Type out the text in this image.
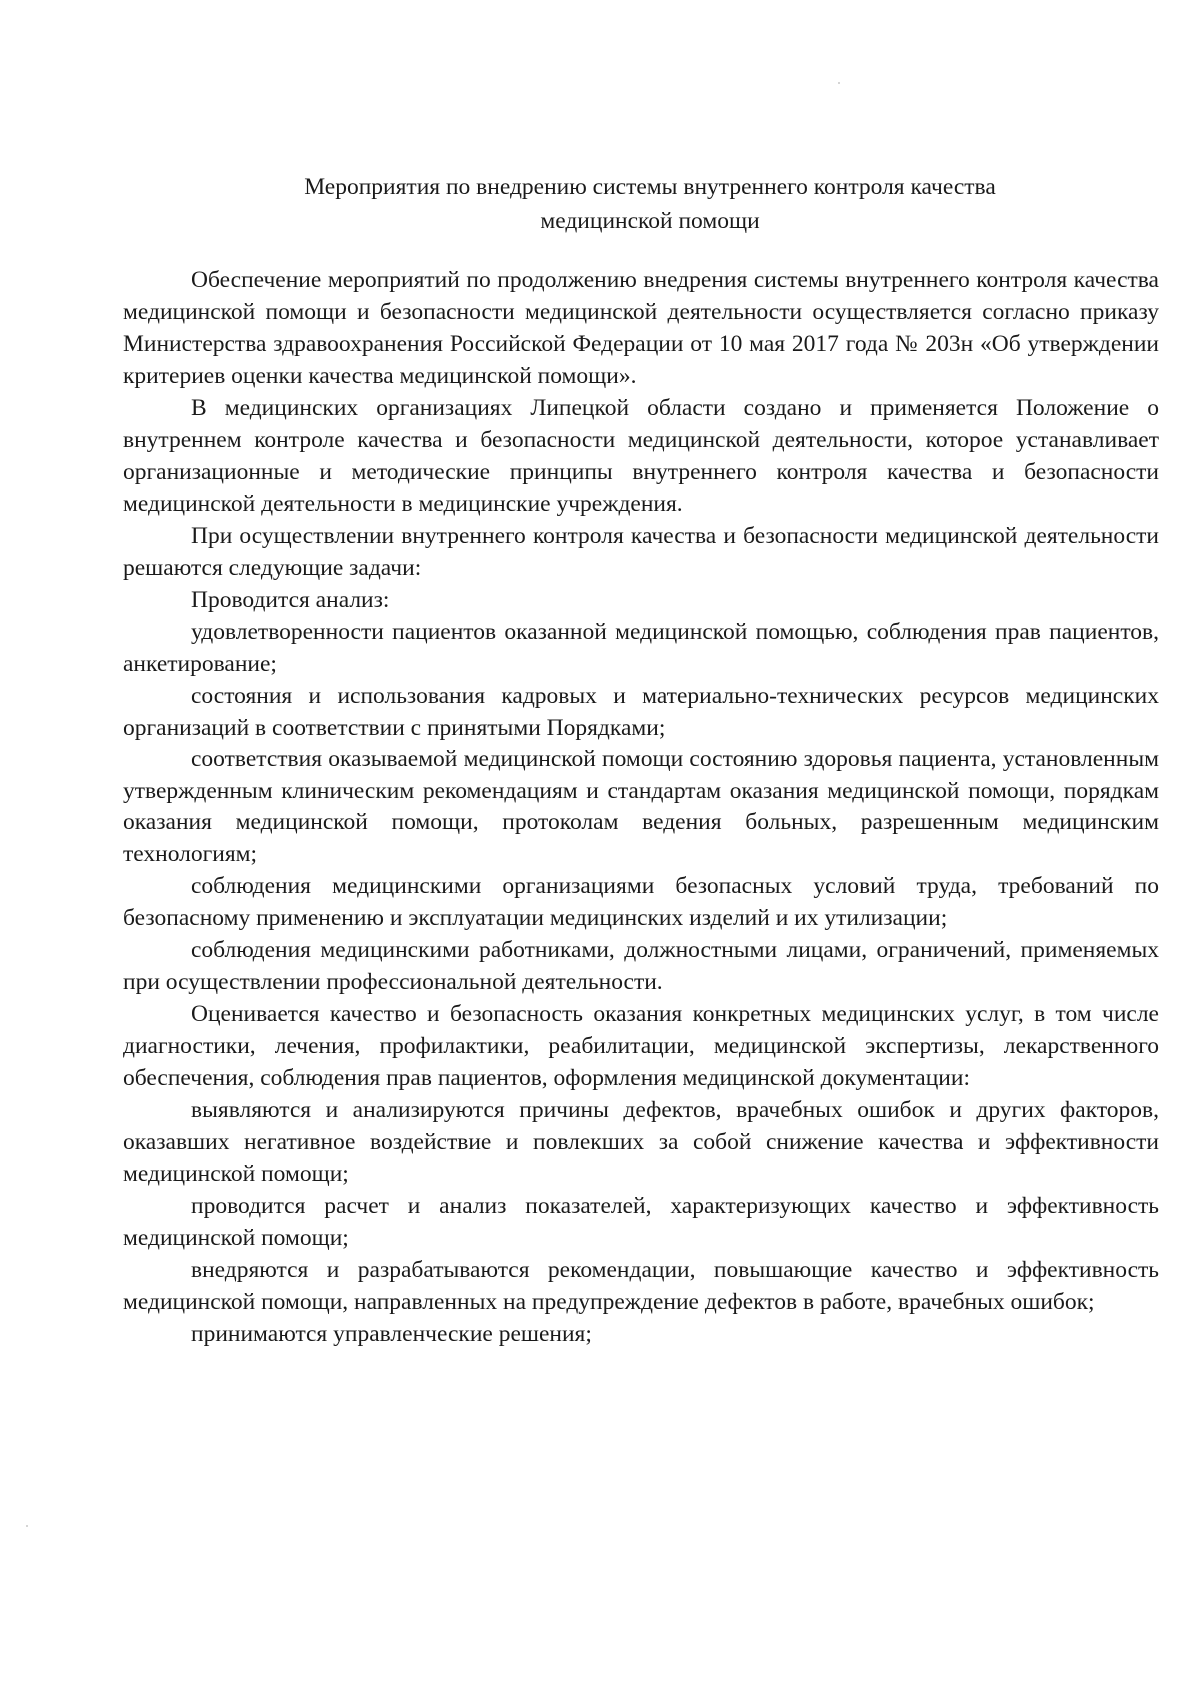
Мероприятия по внедрению системы внутреннего контроля качества
медицинской помощи

Обеспечение мероприятий по продолжению внедрения системы внутреннего контроля качества медицинской помощи и безопасности медицинской деятельности осуществляется согласно приказу Министерства здравоохранения Российской Федерации от 10 мая 2017 года № 203н «Об утверждении критериев оценки качества медицинской помощи».

В медицинских организациях Липецкой области создано и применяется Положение о внутреннем контроле качества и безопасности медицинской деятельности, которое устанавливает организационные и методические принципы внутреннего контроля качества и безопасности медицинской деятельности в медицинские учреждения.

При осуществлении внутреннего контроля качества и безопасности медицинской деятельности решаются следующие задачи:

Проводится анализ:

удовлетворенности пациентов оказанной медицинской помощью, соблюдения прав пациентов, анкетирование;

состояния и использования кадровых и материально-технических ресурсов медицинских организаций в соответствии с принятыми Порядками;

соответствия оказываемой медицинской помощи состоянию здоровья пациента, установленным утвержденным клиническим рекомендациям и стандартам оказания медицинской помощи, порядкам оказания медицинской помощи, протоколам ведения больных, разрешенным медицинским технологиям;

соблюдения медицинскими организациями безопасных условий труда, требований по безопасному применению и эксплуатации медицинских изделий и их утилизации;

соблюдения медицинскими работниками, должностными лицами, ограничений, применяемых при осуществлении профессиональной деятельности.

Оценивается качество и безопасность оказания конкретных медицинских услуг, в том числе диагностики, лечения, профилактики, реабилитации, медицинской экспертизы, лекарственного обеспечения, соблюдения прав пациентов, оформления медицинской документации:

выявляются и анализируются причины дефектов, врачебных ошибок и других факторов, оказавших негативное воздействие и повлекших за собой снижение качества и эффективности медицинской помощи;

проводится расчет и анализ показателей, характеризующих качество и эффективность медицинской помощи;

внедряются и разрабатываются рекомендации, повышающие качество и эффективность медицинской помощи, направленных на предупреждение дефектов в работе, врачебных ошибок;

принимаются управленческие решения;
